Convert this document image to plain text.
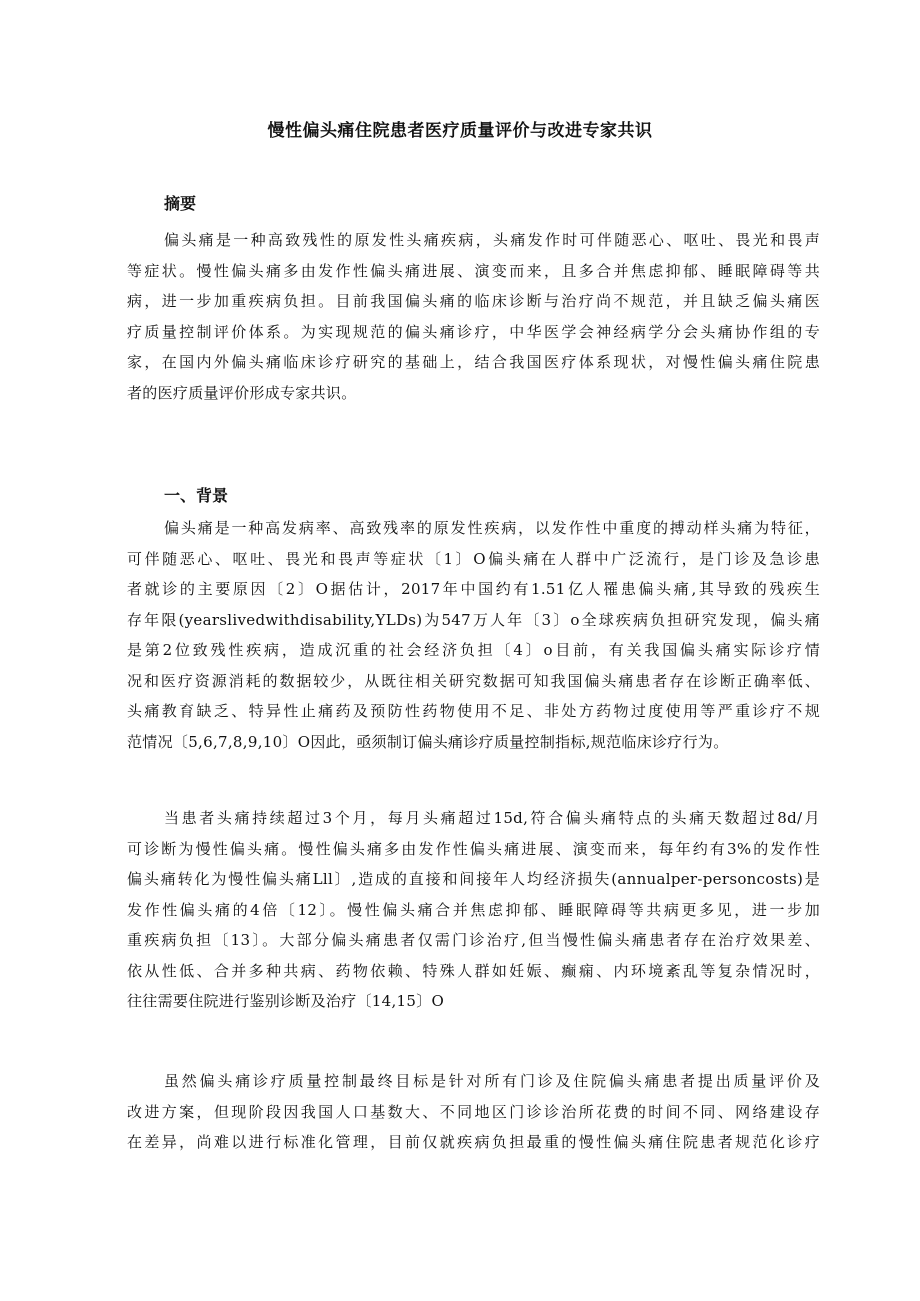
慢性偏头痛住院患者医疗质量评价与改进专家共识
摘要
偏头痛是一种高致残性的原发性头痛疾病，头痛发作时可伴随恶心、呕吐、畏光和畏声
等症状。慢性偏头痛多由发作性偏头痛进展、演变而来，且多合并焦虑抑郁、睡眠障碍等共
病，进一步加重疾病负担。目前我国偏头痛的临床诊断与治疗尚不规范，并且缺乏偏头痛医
疗质量控制评价体系。为实现规范的偏头痛诊疗，中华医学会神经病学分会头痛协作组的专
家，在国内外偏头痛临床诊疗研究的基础上，结合我国医疗体系现状，对慢性偏头痛住院患
者的医疗质量评价形成专家共识。
一、背景
偏头痛是一种高发病率、高致残率的原发性疾病，以发作性中重度的搏动样头痛为特征，
可伴随恶心、呕吐、畏光和畏声等症状〔1〕O偏头痛在人群中广泛流行，是门诊及急诊患
者就诊的主要原因〔2〕O据估计，2017年中国约有1.51亿人罹患偏头痛,其导致的残疾生
存年限(yearslivedwithdisability,YLDs)为547万人年〔3〕o全球疾病负担研究发现，偏头痛
是第2位致残性疾病，造成沉重的社会经济负担〔4〕o目前，有关我国偏头痛实际诊疗情
况和医疗资源消耗的数据较少，从既往相关研究数据可知我国偏头痛患者存在诊断正确率低、
头痛教育缺乏、特异性止痛药及预防性药物使用不足、非处方药物过度使用等严重诊疗不规
范情况〔5,6,7,8,9,10〕O因此，亟须制订偏头痛诊疗质量控制指标,规范临床诊疗行为。
当患者头痛持续超过3个月，每月头痛超过15d,符合偏头痛特点的头痛天数超过8d/月
可诊断为慢性偏头痛。慢性偏头痛多由发作性偏头痛进展、演变而来，每年约有3%的发作性
偏头痛转化为慢性偏头痛Lll〕,造成的直接和间接年人均经济损失(annualper-personcosts)是
发作性偏头痛的4倍〔12〕。慢性偏头痛合并焦虑抑郁、睡眠障碍等共病更多见，进一步加
重疾病负担〔13〕。大部分偏头痛患者仅需门诊治疗,但当慢性偏头痛患者存在治疗效果差、
依从性低、合并多种共病、药物依赖、特殊人群如妊娠、癫痫、内环境紊乱等复杂情况时，
往往需要住院进行鉴别诊断及治疗〔14,15〕O
虽然偏头痛诊疗质量控制最终目标是针对所有门诊及住院偏头痛患者提出质量评价及
改进方案，但现阶段因我国人口基数大、不同地区门诊诊治所花费的时间不同、网络建设存
在差异，尚难以进行标准化管理，目前仅就疾病负担最重的慢性偏头痛住院患者规范化诊疗
